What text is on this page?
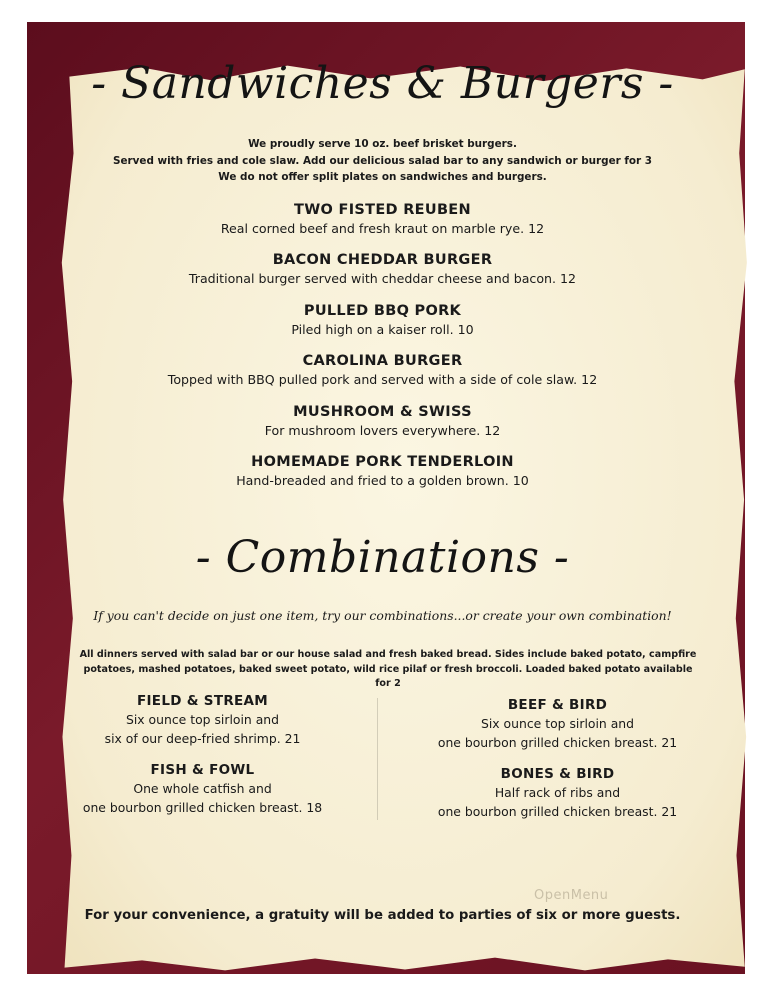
- Sandwiches & Burgers -
We proudly serve 10 oz. beef brisket burgers.
Served with fries and cole slaw. Add our delicious salad bar to any sandwich or burger for 3
We do not offer split plates on sandwiches and burgers.
TWO FISTED REUBEN
Real corned beef and fresh kraut on marble rye. 12
BACON CHEDDAR BURGER
Traditional burger served with cheddar cheese and bacon. 12
PULLED BBQ PORK
Piled high on a kaiser roll. 10
CAROLINA BURGER
Topped with BBQ pulled pork and served with a side of cole slaw. 12
MUSHROOM & SWISS
For mushroom lovers everywhere. 12
HOMEMADE PORK TENDERLOIN
Hand-breaded and fried to a golden brown. 10
- Combinations -
If you can't decide on just one item, try our combinations...or create your own combination!
All dinners served with salad bar or our house salad and fresh baked bread. Sides include baked potato, campfire
potatoes, mashed potatoes, baked sweet potato, wild rice pilaf or fresh broccoli. Loaded baked potato available for 2
FIELD & STREAM
Six ounce top sirloin and
six of our deep-fried shrimp. 21
FISH & FOWL
One whole catfish and
one bourbon grilled chicken breast. 18
BEEF & BIRD
Six ounce top sirloin and
one bourbon grilled chicken breast. 21
BONES & BIRD
Half rack of ribs and
one bourbon grilled chicken breast. 21
OpenMenu
For your convenience, a gratuity will be added to parties of six or more guests.
